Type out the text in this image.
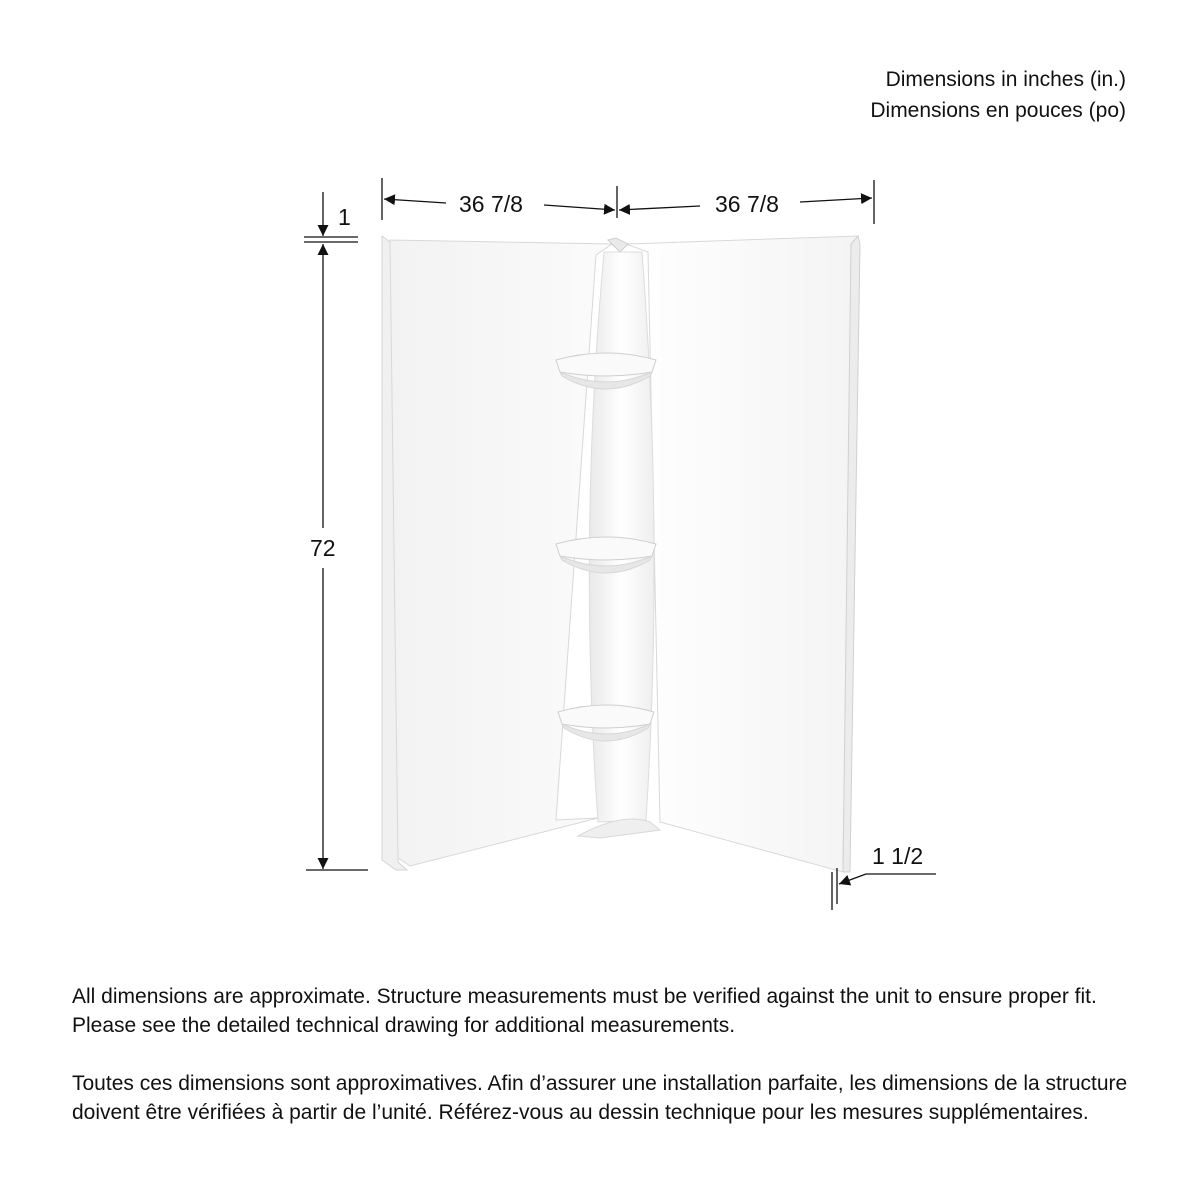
Dimensions in inches (in.)
Dimensions en pouces (po)
1
72
36 7/8	36 7/8
1 1/2

All dimensions are approximate. Structure measurements must be verified against the unit to ensure proper fit. Please see the detailed technical drawing for additional measurements.

Toutes ces dimensions sont approximatives. Afin d’assurer une installation parfaite, les dimensions de la structure doivent être vérifiées à partir de l’unité. Référez-vous au dessin technique pour les mesures supplémentaires.
